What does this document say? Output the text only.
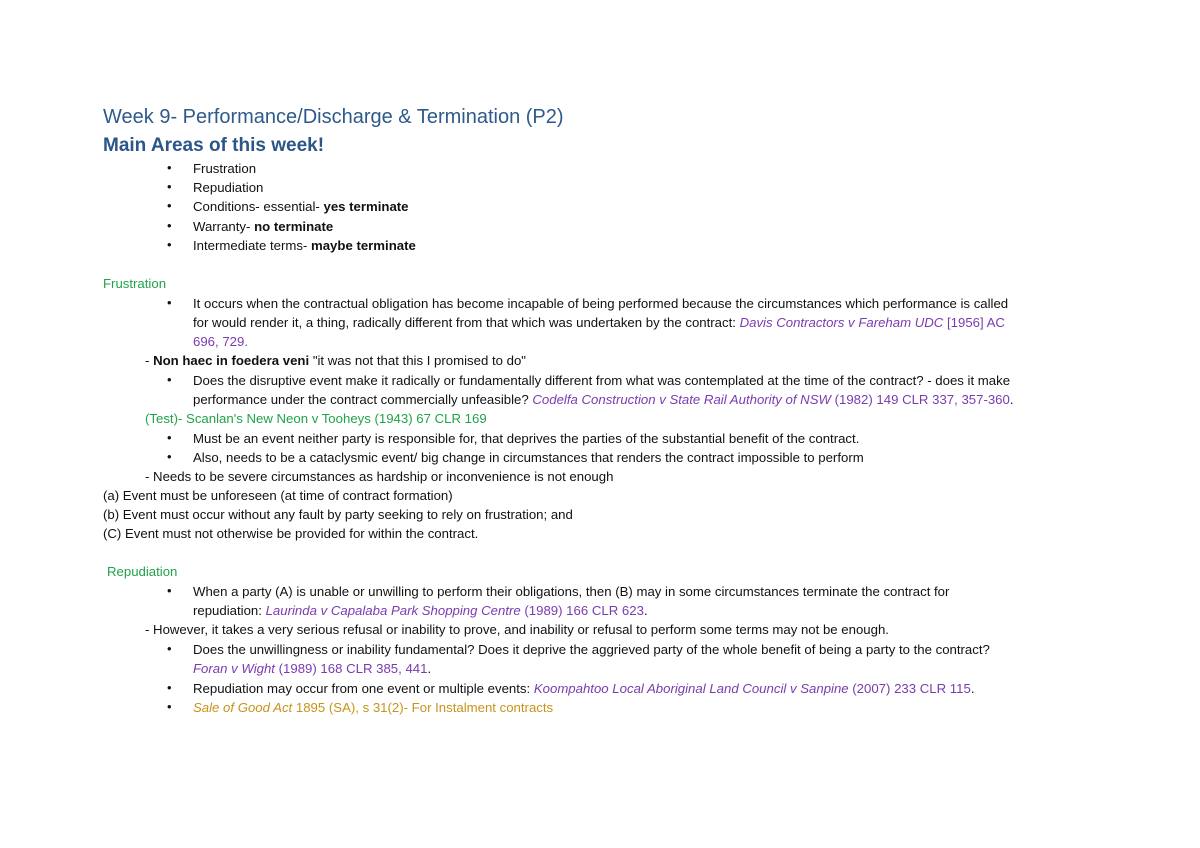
Week 9- Performance/Discharge & Termination (P2)
Main Areas of this week!
• Frustration
• Repudiation
• Conditions- essential- yes terminate
• Warranty- no terminate
• Intermediate terms- maybe terminate
Frustration
• It occurs when the contractual obligation has become incapable of being performed because the circumstances which performance is called
for would render it, a thing, radically different from that which was undertaken by the contract: Davis Contractors v Fareham UDC [1956] AC
696, 729.
- Non haec in foedera veni "it was not that this I promised to do"
• Does the disruptive event make it radically or fundamentally different from what was contemplated at the time of the contract? - does it make
performance under the contract commercially unfeasible? Codelfa Construction v State Rail Authority of NSW (1982) 149 CLR 337, 357-360.
(Test)- Scanlan's New Neon v Tooheys (1943) 67 CLR 169
• Must be an event neither party is responsible for, that deprives the parties of the substantial benefit of the contract.
• Also, needs to be a cataclysmic event/ big change in circumstances that renders the contract impossible to perform
- Needs to be severe circumstances as hardship or inconvenience is not enough
(a) Event must be unforeseen (at time of contract formation)
(b) Event must occur without any fault by party seeking to rely on frustration; and
(C) Event must not otherwise be provided for within the contract.
Repudiation
• When a party (A) is unable or unwilling to perform their obligations, then (B) may in some circumstances terminate the contract for
repudiation: Laurinda v Capalaba Park Shopping Centre (1989) 166 CLR 623.
- However, it takes a very serious refusal or inability to prove, and inability or refusal to perform some terms may not be enough.
• Does the unwillingness or inability fundamental? Does it deprive the aggrieved party of the whole benefit of being a party to the contract?
Foran v Wight (1989) 168 CLR 385, 441.
• Repudiation may occur from one event or multiple events: Koompahtoo Local Aboriginal Land Council v Sanpine (2007) 233 CLR 115.
• Sale of Good Act 1895 (SA), s 31(2)- For Instalment contracts
